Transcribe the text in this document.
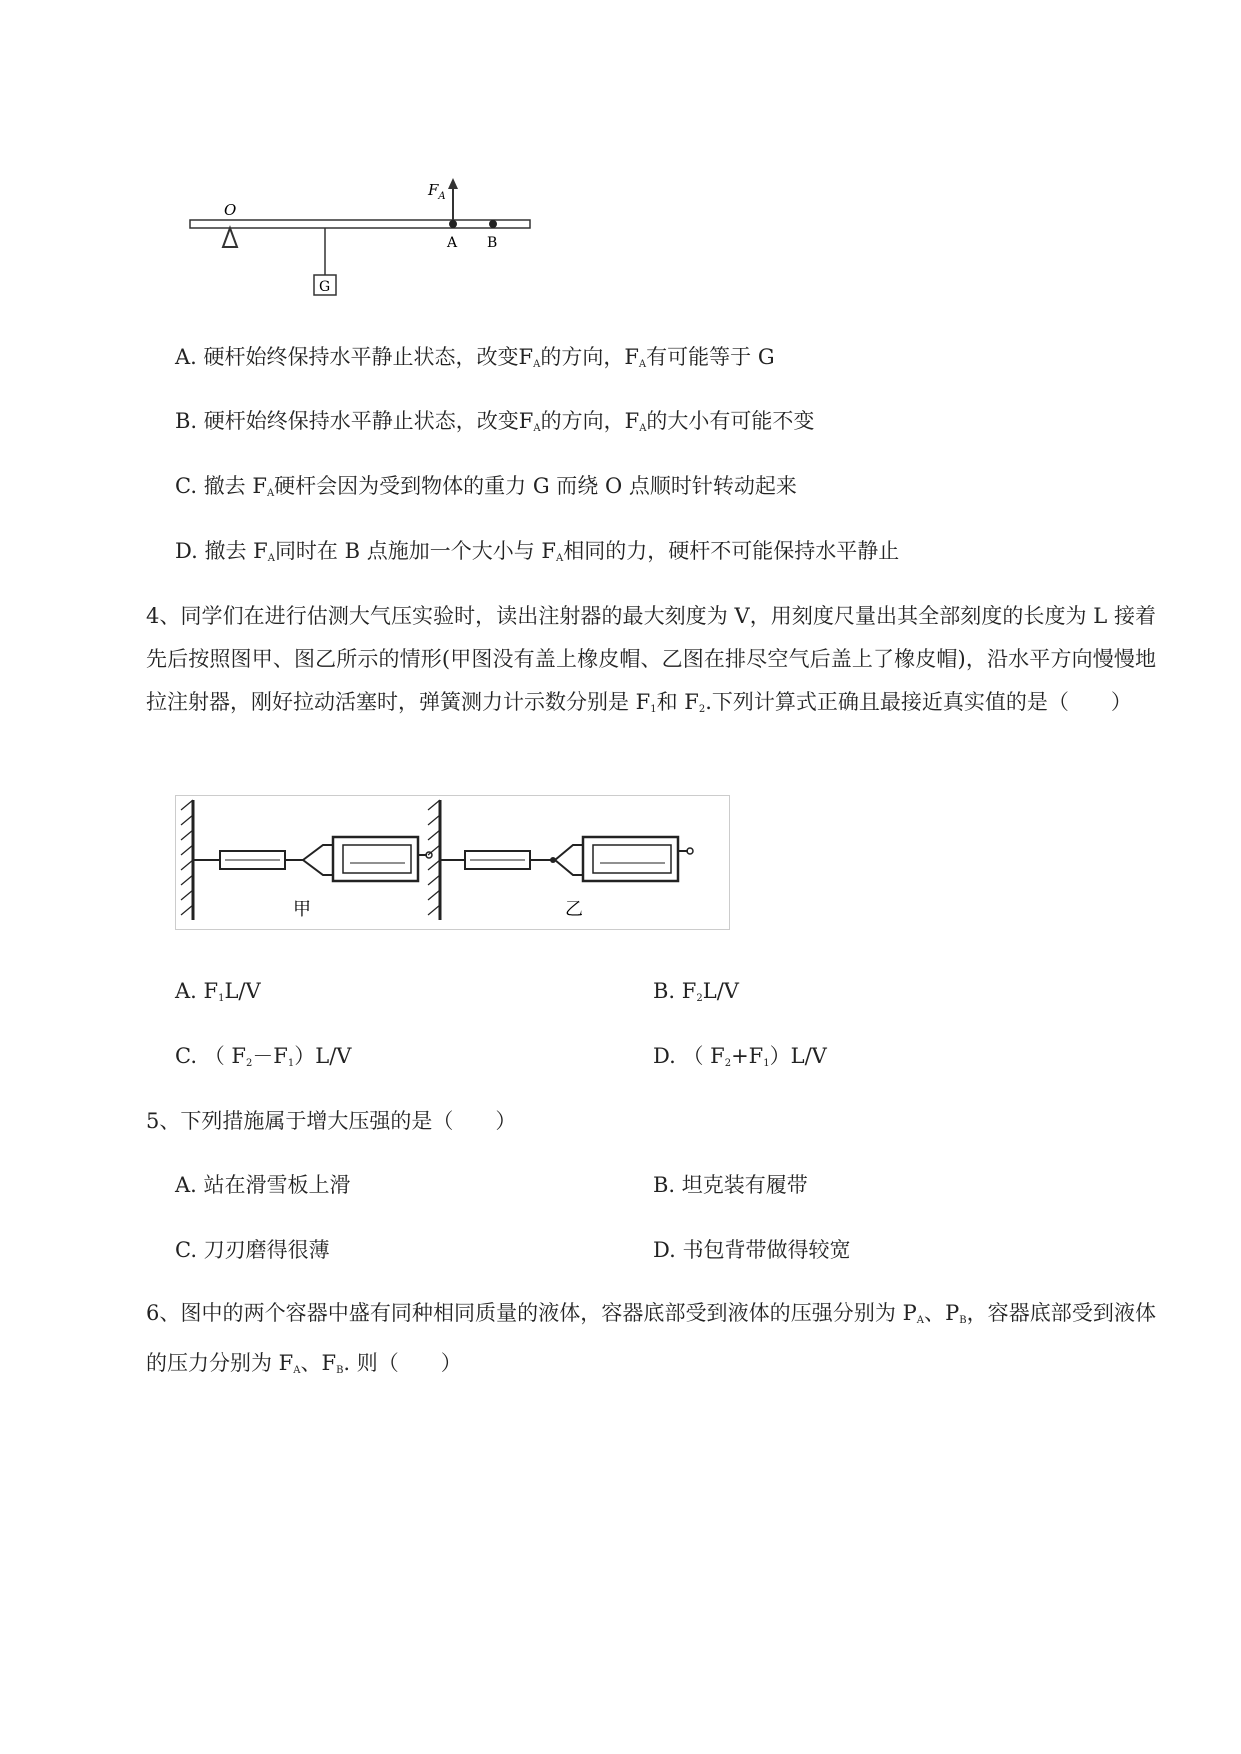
O
G
$F_A$
A B
A. 硬杆始终保持水平静止状态，改变$F_A$的方向，$F_A$有可能等于 G
B. 硬杆始终保持水平静止状态，改变$F_A$的方向，$F_A$的大小有可能不变
C. 撤去 $F_A$硬杆会因为受到物体的重力 G 而绕 O 点顺时针转动起来
D. 撤去 $F_A$同时在 B 点施加一个大小与 $F_A$相同的力，硬杆不可能保持水平静止
4、同学们在进行估测大气压实验时，读出注射器的最大刻度为 V，用刻度尺量出其全部刻度的长度为 L 接着先后按照图甲、图乙所示的情形(甲图没有盖上橡皮帽、乙图在排尽空气后盖上了橡皮帽)，沿水平方向慢慢地拉注射器，刚好拉动活塞时，弹簧测力计示数分别是 $F_1$和 $F_2$.下列计算式正确且最接近真实值的是（　　）
甲	乙
A. $F_1L/V$	B. $F_2L/V$
C. （ $F_2-F_1)L/V$	D. （ $F_2+F_1)L/V$
5、下列措施属于增大压强的是（　　）
A. 站在滑雪板上滑	B. 坦克装有履带
C. 刀刃磨得很薄	D. 书包背带做得较宽
6、图中的两个容器中盛有同种相同质量的液体，容器底部受到液体的压强分别为 $P_A$、$P_B$，容器底部受到液体的压力分别为 $F_A$、$F_B$. 则（　　）
